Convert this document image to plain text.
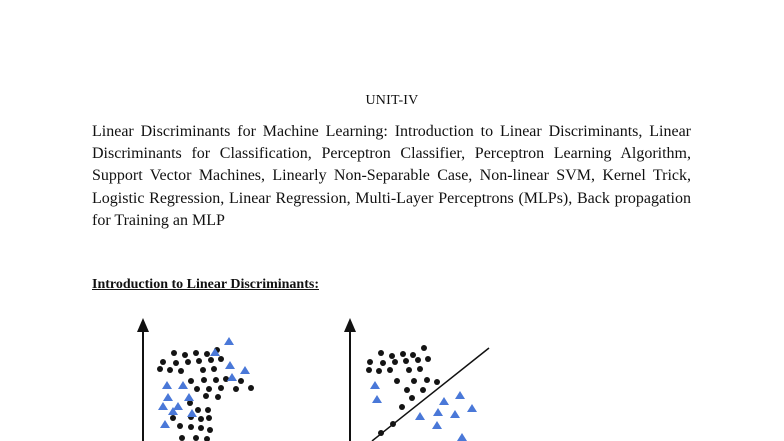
UNIT-IV

Linear Discriminants for Machine Learning: Introduction to Linear Discriminants, Linear Discriminants for Classification, Perceptron Classifier, Perceptron Learning Algorithm, Support Vector Machines, Linearly Non-Separable Case, Non-linear SVM, Kernel Trick, Logistic Regression, Linear Regression, Multi-Layer Perceptrons (MLPs), Back propagation for Training an MLP

Introduction to Linear Discriminants:
